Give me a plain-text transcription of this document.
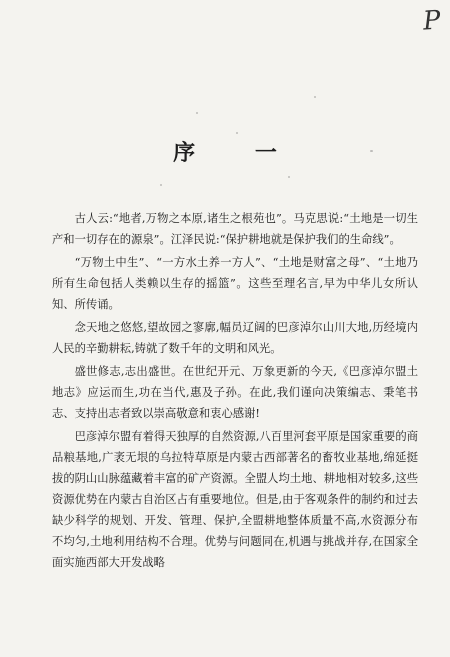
P
序 一

古人云:“地者,万物之本原,诸生之根苑也”。马克思说:“土地是一切生产和一切存在的源泉”。江泽民说:“保护耕地就是保护我们的生命线”。

“万物土中生”、“一方水土养一方人”、“土地是财富之母”、“土地乃所有生命包括人类赖以生存的摇篮”。这些至理名言,早为中华儿女所认知、所传诵。

念天地之悠悠,望故园之寥廓,幅员辽阔的巴彦淖尔山川大地,历经境内人民的辛勤耕耘,铸就了数千年的文明和风光。

盛世修志,志出盛世。在世纪开元、万象更新的今天,《巴彦淖尔盟土地志》应运而生,功在当代,惠及子孙。在此,我们谨向决策编志、秉笔书志、支持出志者致以崇高敬意和衷心感谢!

巴彦淖尔盟有着得天独厚的自然资源,八百里河套平原是国家重要的商品粮基地,广袤无垠的乌拉特草原是内蒙古西部著名的畜牧业基地,绵延挺拔的阴山山脉蕴藏着丰富的矿产资源。全盟人均土地、耕地相对较多,这些资源优势在内蒙古自治区占有重要地位。但是,由于客观条件的制约和过去缺少科学的规划、开发、管理、保护,全盟耕地整体质量不高,水资源分布不均匀,土地利用结构不合理。优势与问题同在,机遇与挑战并存,在国家全面实施西部大开发战略
